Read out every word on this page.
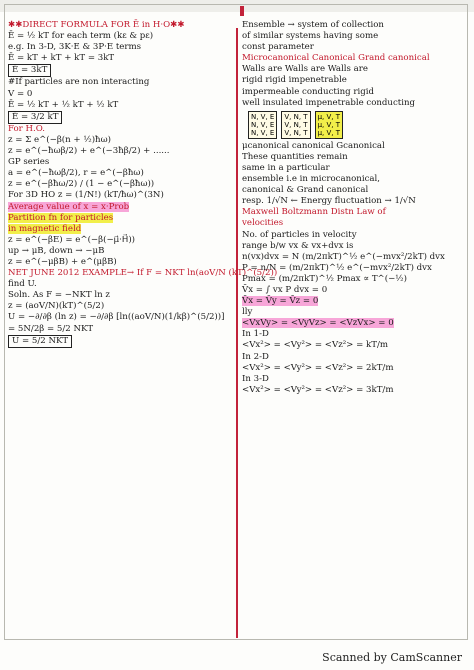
✱✱DIRECT FORMULA FOR Ē in H·O✱✱
Ē = ½ kT for each term (kε & pε)
e.g. In 3-D, 3K·E & 3P·E terms
Ē = kT + kT + kT = 3kT
Ē = 3kT
#If particles are non interacting
V = 0
Ē = ½ kT + ½ kT + ½ kT
Ē = 3/2 kT
For H.O.
z = Σ e^(−β(n + ½)ħω)
z = e^(−ħωβ/2) + e^(−3ħβ/2) + ......
GP series
a = e^(−ħωβ/2), r = e^(−βħω)
z = e^(−βħω/2) / (1 − e^(−βħω))
For 3D HO z = (1/N!) (kT/ħω)^(3N)
Average value of x = x·Prob
Partition fn for particles
in magnetic field
z = e^(−βE) = e^(−β(−μ⃗·H⃗))
up → μB, down → −μB
z = e^(−μβB) + e^(μβB)
NET JUNE 2012 EXAMPLE→ If F = NKT ln(aoV/N (kT)^(5/2))
find U.
Soln. As F = −NKT ln z
z = (aoV/N)(kT)^(5/2)
U = −∂/∂β (ln z) = −∂/∂β [ln((aoV/N)(1/kβ)^(5/2))]
= 5N/2β = 5/2 NKT
U = 5/2 NKT
Ensemble → system of collection
of similar systems having some
const parameter
Microcanonical Canonical Grand canonical
Walls are Walls are Walls are
rigid rigid impenetrable
impermeable conducting rigid
well insulated impenetrable conducting
N, V, E
N, V, E
N, V, E
V, N, T
V, N, T
V, N, T
μ, V, T
μ, V, T
μ, V, T
μcanonical canonical Gcanonical
These quantities remain
same in a particular
ensemble i.e in microcanonical,
canonical & Grand canonical
resp. 1/√N ← Energy fluctuation → 1/√N
Maxwell Boltzmann Distn Law of
velocities
No. of particles in velocity
range b/w vx & vx+dvx is
n(vx)dvx = N (m/2πkT)^½ e^(−mvx²/2kT) dvx
P = n/N = (m/2πkT)^½ e^(−mvx²/2kT) dvx
Pmax = (m/2πkT)^½ Pmax ∝ T^(−½)
V̄x = ∫ vx P dvx = 0
V̄x = V̄y = V̄z = 0
lly
<VxVy> = <VyVz> = <VzVx> = 0
In 1-D
<Vx²> = <Vy²> = <Vz²> = kT/m
In 2-D
<Vx²> = <Vy²> = <Vz²> = 2kT/m
In 3-D
<Vx²> = <Vy²> = <Vz²> = 3kT/m
Scanned by CamScanner
